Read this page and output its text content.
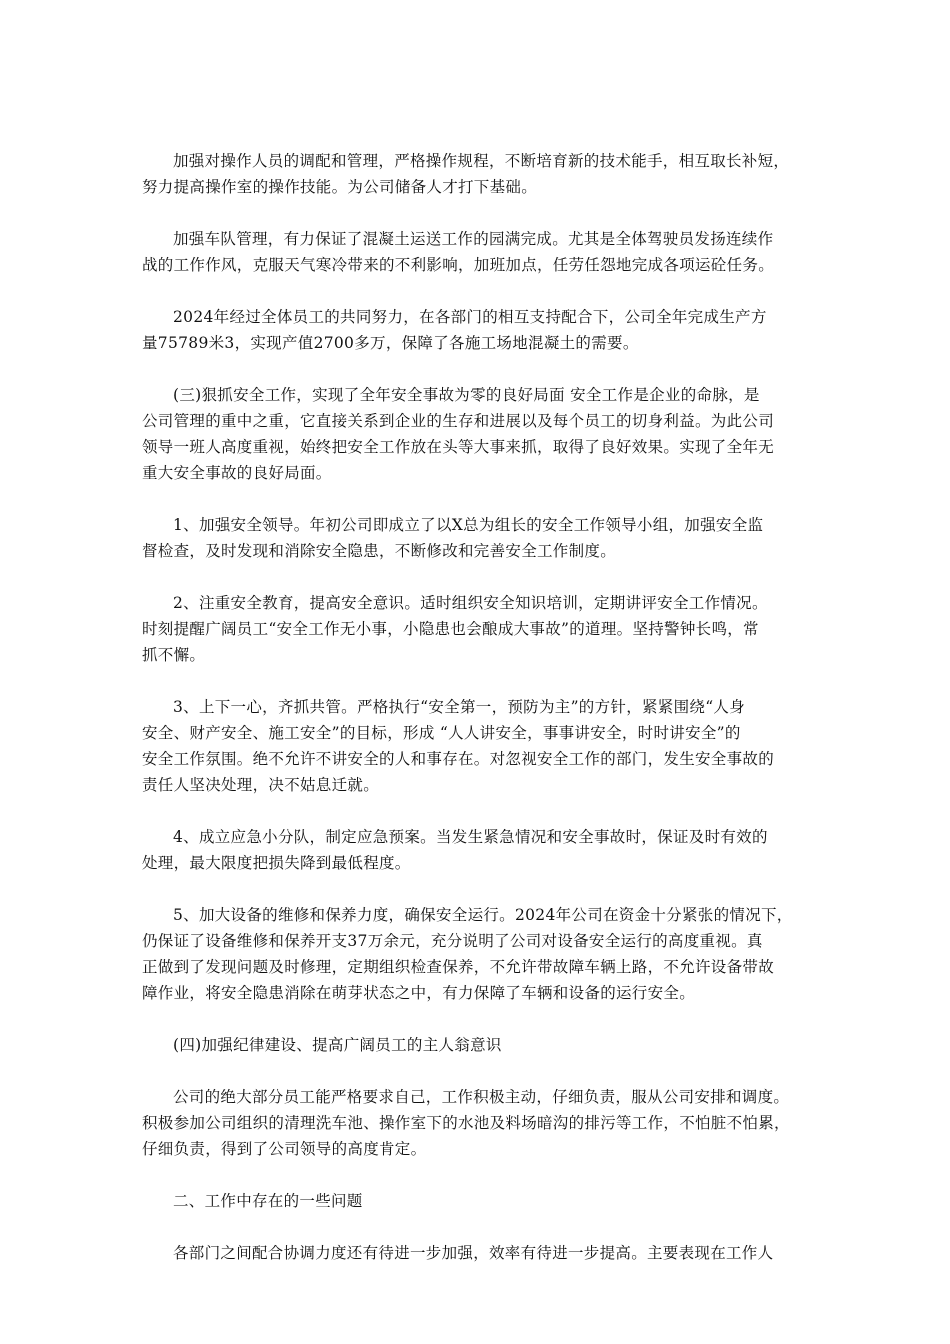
加强对操作人员的调配和管理，严格操作规程，不断培育新的技术能手，相互取长补短，
努力提高操作室的操作技能。为公司储备人才打下基础。

加强车队管理，有力保证了混凝土运送工作的园满完成。尤其是全体驾驶员发扬连续作
战的工作作风，克服天气寒冷带来的不利影响，加班加点，任劳任怨地完成各项运砼任务。

2024年经过全体员工的共同努力，在各部门的相互支持配合下，公司全年完成生产方
量75789米3，实现产值2700多万，保障了各施工场地混凝土的需要。

(三)狠抓安全工作，实现了全年安全事故为零的良好局面 安全工作是企业的命脉，是
公司管理的重中之重，它直接关系到企业的生存和进展以及每个员工的切身利益。为此公司
领导一班人高度重视，始终把安全工作放在头等大事来抓，取得了良好效果。实现了全年无
重大安全事故的良好局面。

1、加强安全领导。年初公司即成立了以X总为组长的安全工作领导小组，加强安全监
督检查，及时发现和消除安全隐患，不断修改和完善安全工作制度。

2、注重安全教育，提高安全意识。适时组织安全知识培训，定期讲评安全工作情况。
时刻提醒广阔员工“安全工作无小事，小隐患也会酿成大事故”的道理。坚持警钟长鸣，常
抓不懈。

3、上下一心，齐抓共管。严格执行“安全第一，预防为主”的方针，紧紧围绕“人身
安全、财产安全、施工安全”的目标，形成 “人人讲安全，事事讲安全，时时讲安全”的
安全工作氛围。绝不允许不讲安全的人和事存在。对忽视安全工作的部门，发生安全事故的
责任人坚决处理，决不姑息迁就。

4、成立应急小分队，制定应急预案。当发生紧急情况和安全事故时，保证及时有效的
处理，最大限度把损失降到最低程度。

5、加大设备的维修和保养力度，确保安全运行。2024年公司在资金十分紧张的情况下，
仍保证了设备维修和保养开支37万余元，充分说明了公司对设备安全运行的高度重视。真
正做到了发现问题及时修理，定期组织检查保养，不允许带故障车辆上路，不允许设备带故
障作业，将安全隐患消除在萌芽状态之中，有力保障了车辆和设备的运行安全。

(四)加强纪律建设、提高广阔员工的主人翁意识

公司的绝大部分员工能严格要求自己，工作积极主动，仔细负责，服从公司安排和调度。
积极参加公司组织的清理洗车池、操作室下的水池及料场暗沟的排污等工作，不怕脏不怕累，
仔细负责，得到了公司领导的高度肯定。

二、工作中存在的一些问题

各部门之间配合协调力度还有待进一步加强，效率有待进一步提高。主要表现在工作人
